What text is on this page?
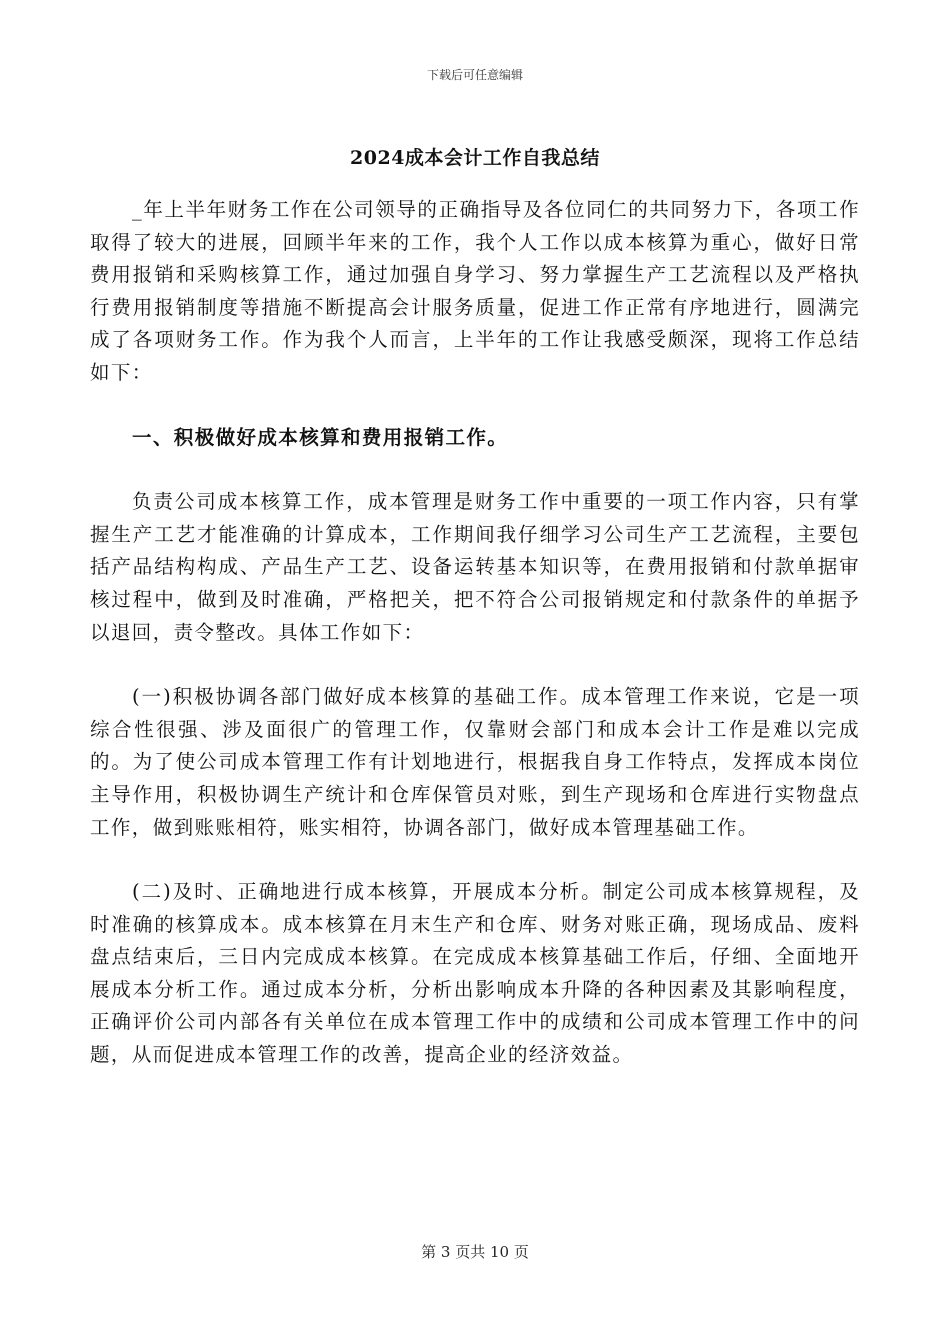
下载后可任意编辑
2024成本会计工作自我总结

_年上半年财务工作在公司领导的正确指导及各位同仁的共同努力下，各项工作取得了较大的进展，回顾半年来的工作，我个人工作以成本核算为重心，做好日常费用报销和采购核算工作，通过加强自身学习、努力掌握生产工艺流程以及严格执行费用报销制度等措施不断提高会计服务质量，促进工作正常有序地进行，圆满完成了各项财务工作。作为我个人而言，上半年的工作让我感受颇深，现将工作总结如下：

一、积极做好成本核算和费用报销工作。

负责公司成本核算工作，成本管理是财务工作中重要的一项工作内容，只有掌握生产工艺才能准确的计算成本，工作期间我仔细学习公司生产工艺流程，主要包括产品结构构成、产品生产工艺、设备运转基本知识等，在费用报销和付款单据审核过程中，做到及时准确，严格把关，把不符合公司报销规定和付款条件的单据予以退回，责令整改。具体工作如下：

(一)积极协调各部门做好成本核算的基础工作。成本管理工作来说，它是一项综合性很强、涉及面很广的管理工作，仅靠财会部门和成本会计工作是难以完成的。为了使公司成本管理工作有计划地进行，根据我自身工作特点，发挥成本岗位主导作用，积极协调生产统计和仓库保管员对账，到生产现场和仓库进行实物盘点工作，做到账账相符，账实相符，协调各部门，做好成本管理基础工作。

(二)及时、正确地进行成本核算，开展成本分析。制定公司成本核算规程，及时准确的核算成本。成本核算在月末生产和仓库、财务对账正确，现场成品、废料盘点结束后，三日内完成成本核算。在完成成本核算基础工作后，仔细、全面地开展成本分析工作。通过成本分析，分析出影响成本升降的各种因素及其影响程度，正确评价公司内部各有关单位在成本管理工作中的成绩和公司成本管理工作中的问题，从而促进成本管理工作的改善，提高企业的经济效益。

第 3 页共 10 页
